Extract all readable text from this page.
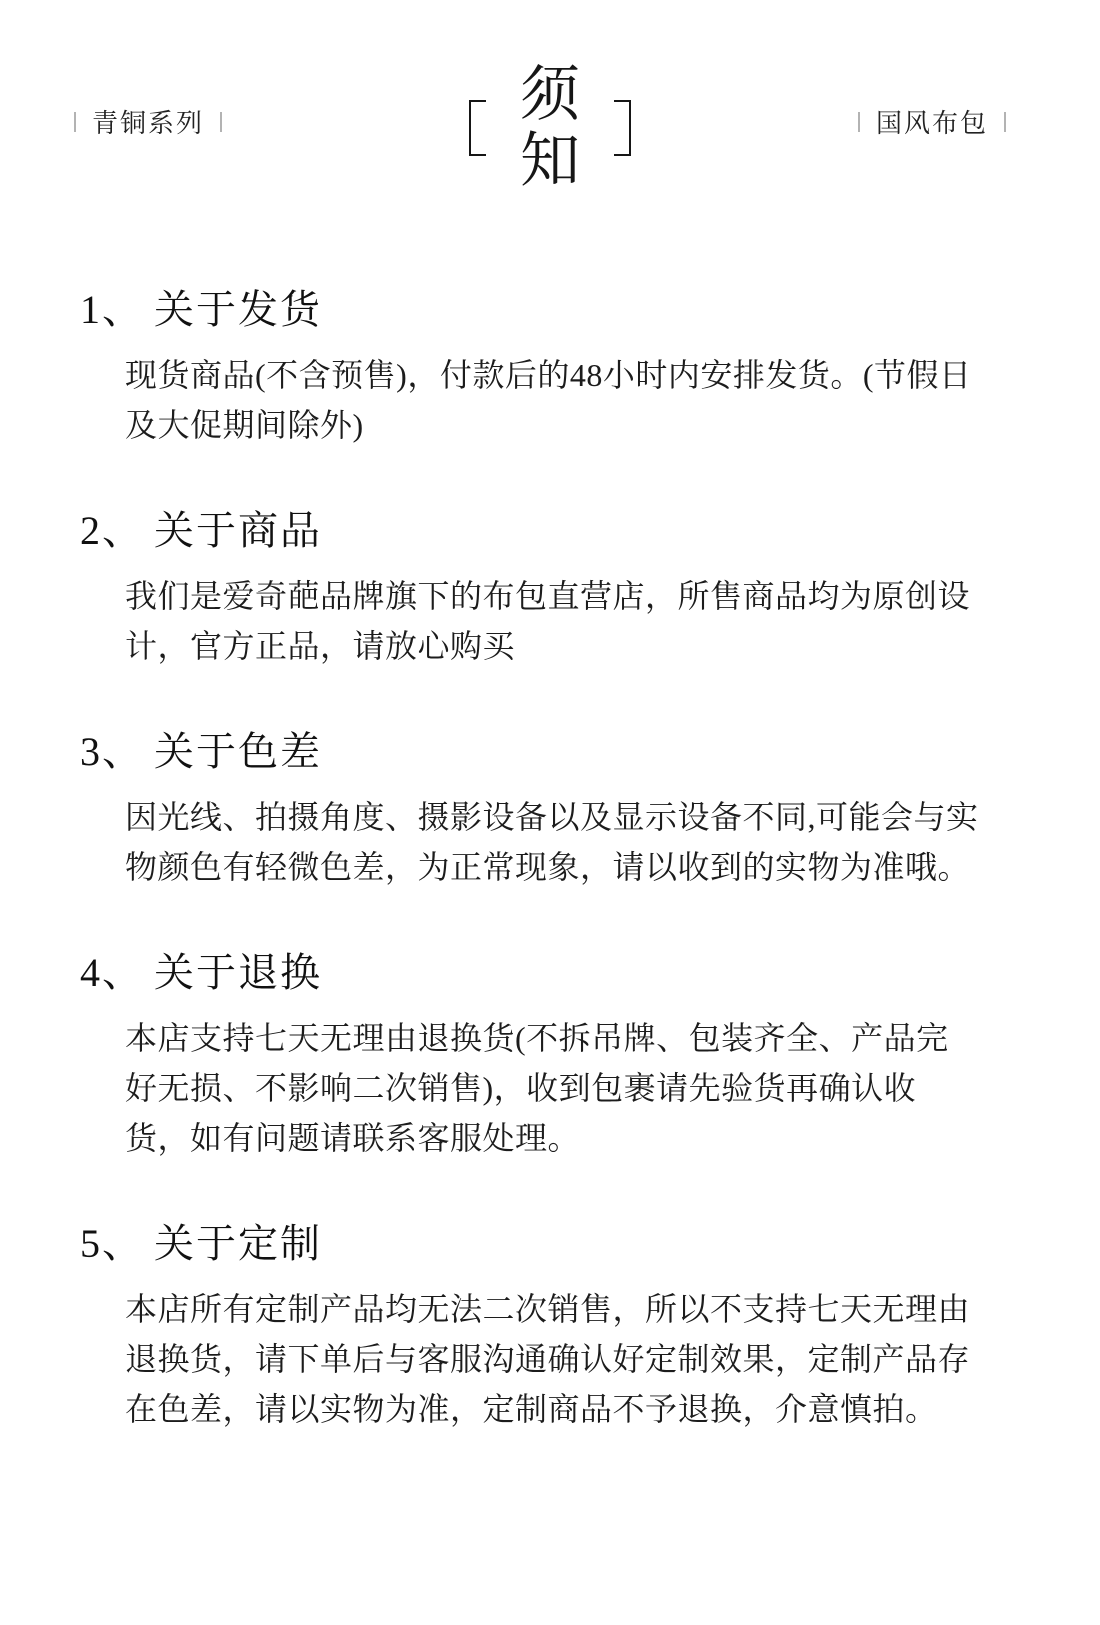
青铜系列	须
知
国风布包
1、 关于发货
现货商品(不含预售)，付款后的48小时内安排发货。(节假日及大促期间除外)
2、 关于商品
我们是爱奇葩品牌旗下的布包直营店，所售商品均为原创设计，官方正品，请放心购买
3、 关于色差
因光线、拍摄角度、摄影设备以及显示设备不同,可能会与实物颜色有轻微色差，为正常现象，请以收到的实物为准哦。
4、 关于退换
本店支持七天无理由退换货(不拆吊牌、包装齐全、产品完好无损、不影响二次销售)，收到包裹请先验货再确认收货，如有问题请联系客服处理。
5、 关于定制
本店所有定制产品均无法二次销售，所以不支持七天无理由退换货，请下单后与客服沟通确认好定制效果，定制产品存在色差，请以实物为准，定制商品不予退换，介意慎拍。
